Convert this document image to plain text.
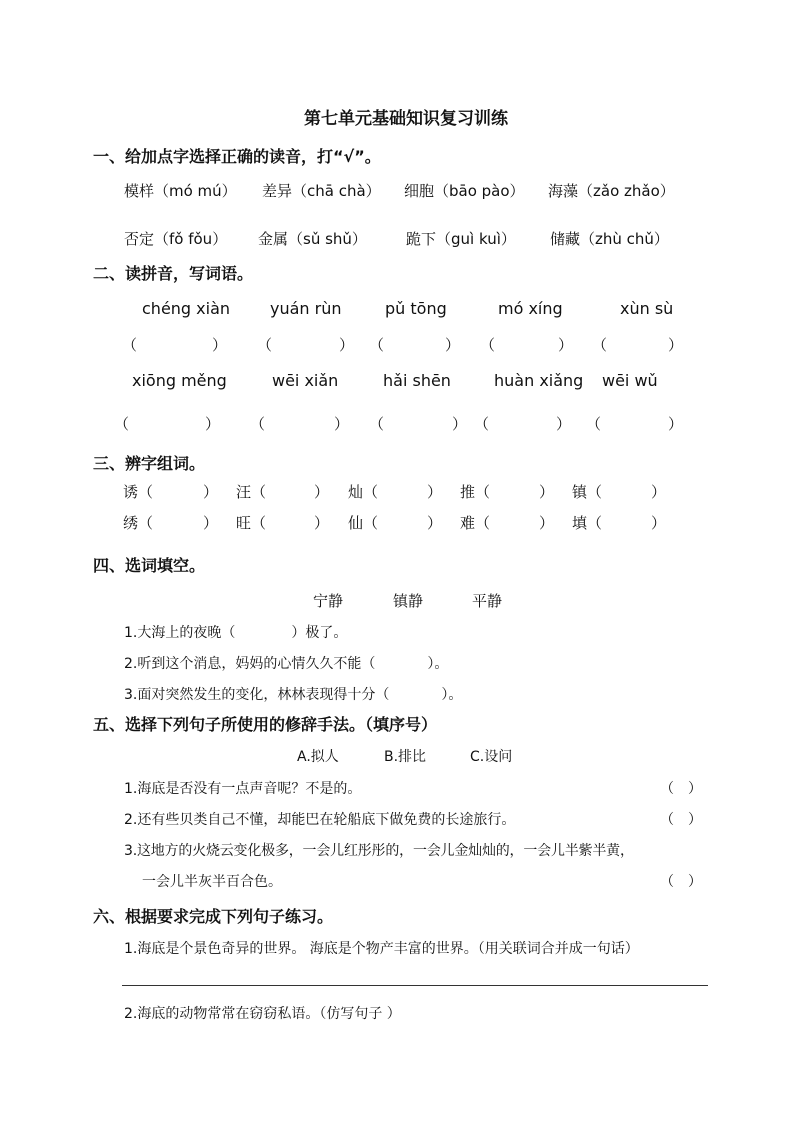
第七单元基础知识复习训练
一、给加点字选择正确的读音，打“√”。
模样（mó mú） 差异（chā chà） 细胞（bāo pào） 海藻（zǎo zhǎo）
否定（fǒ fǒu） 金属（sǔ shǔ）	跪下（guì kuì） 储藏（zhù chǔ）
二、读拼音，写词语。
chéng xiàn yuán rùn	pǔ tōng	mó xíng	xùn sù
（	） （	） （	） （	） （	）
xiōng měng	wēi xiǎn	hǎi shēn	huàn xiǎng wēi wǔ
（	） （	） （	） （	） （	）
三、辨字组词。
诱（	） 汪（	） 灿（	） 推（	） 镇（	）
绣（	） 旺（	） 仙（	） 难（	） 填（	）
四、选词填空。
宁静	镇静	平静
1.大海上的夜晚（	）极了。
2.听到这个消息，妈妈的心情久久不能（	）。
3.面对突然发生的变化，林林表现得十分（	）。
五、选择下列句子所使用的修辞手法。（填序号）
A.拟人	B.排比	C.设问
1.海底是否没有一点声音呢？不是的。	（　）
2.还有些贝类自己不懂，却能巴在轮船底下做免费的长途旅行。	（　）
3.这地方的火烧云变化极多，一会儿红彤彤的，一会儿金灿灿的，一会儿半紫半黄，
一会儿半灰半百合色。	（　）
六、根据要求完成下列句子练习。
1.海底是个景色奇异的世界。 海底是个物产丰富的世界。（用关联词合并成一句话）
2.海底的动物常常在窃窃私语。（仿写句子 ）
